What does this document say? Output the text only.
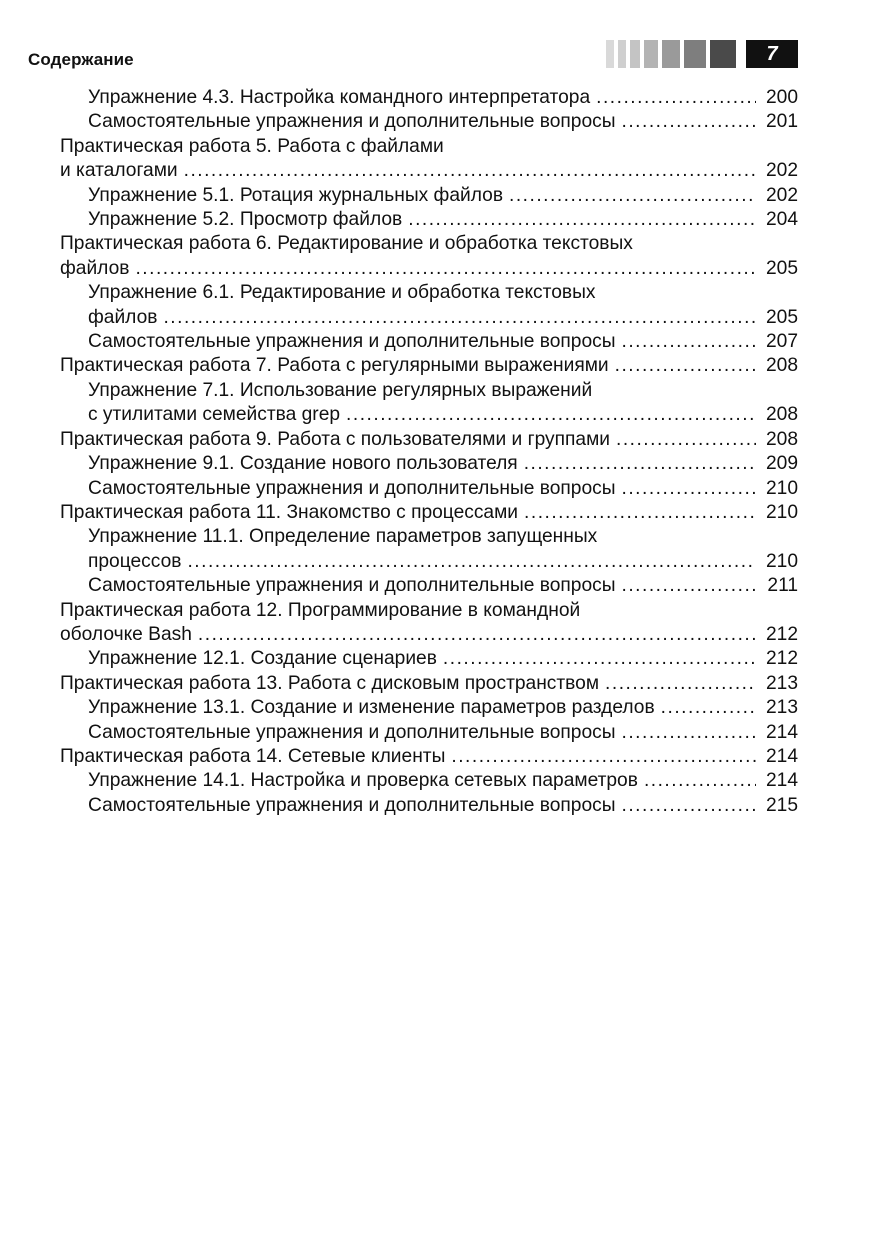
Содержание	7
Упражнение 4.3. Настройка командного интерпретатора .....	200
Самостоятельные упражнения и дополнительные вопросы .....	201
Практическая работа 5. Работа с файлами
и каталогами .....	202
Упражнение 5.1. Ротация журнальных файлов .....	202
Упражнение 5.2. Просмотр файлов .....	204
Практическая работа 6. Редактирование и обработка текстовых
файлов .....	205
Упражнение 6.1. Редактирование и обработка текстовых
файлов .....	205
Самостоятельные упражнения и дополнительные вопросы .....	207
Практическая работа 7. Работа с регулярными выражениями .....	208
Упражнение 7.1. Использование регулярных выражений
с утилитами семейства grep .....	208
Практическая работа 9. Работа с пользователями и группами .....	208
Упражнение 9.1. Создание нового пользователя .....	209
Самостоятельные упражнения и дополнительные вопросы .....	210
Практическая работа 11. Знакомство с процессами .....	210
Упражнение 11.1. Определение параметров запущенных
процессов .....	210
Самостоятельные упражнения и дополнительные вопросы .....	211
Практическая работа 12. Программирование в командной
оболочке Bash .....	212
Упражнение 12.1. Создание сценариев .....	212
Практическая работа 13. Работа с дисковым пространством .....	213
Упражнение 13.1. Создание и изменение параметров разделов .....	213
Самостоятельные упражнения и дополнительные вопросы .....	214
Практическая работа 14. Сетевые клиенты .....	214
Упражнение 14.1. Настройка и проверка сетевых параметров .....	214
Самостоятельные упражнения и дополнительные вопросы .....	215
